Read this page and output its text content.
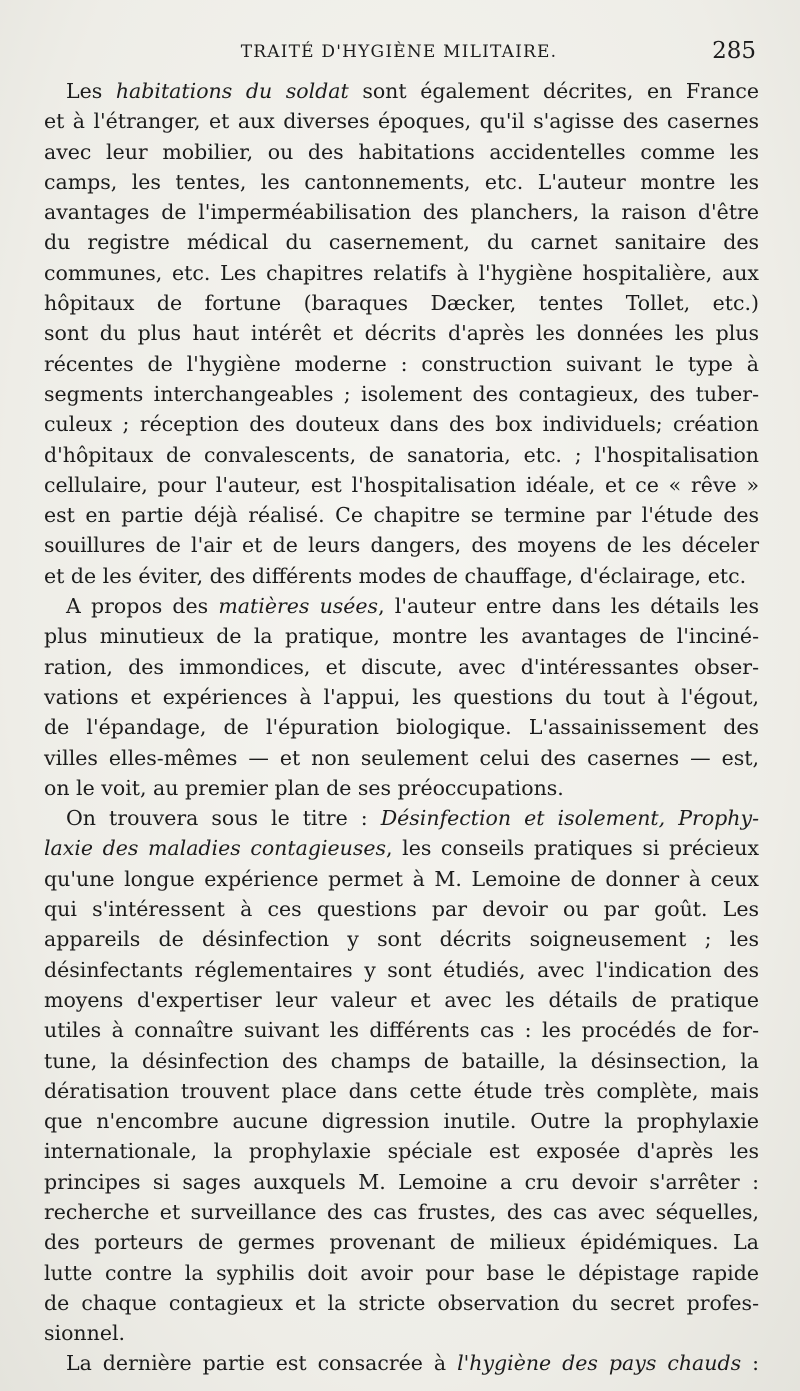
TRAITÉ D'HYGIÈNE MILITAIRE.	285
Les habitations du soldat sont également décrites, en France
et à l'étranger, et aux diverses époques, qu'il s'agisse des casernes
avec leur mobilier, ou des habitations accidentelles comme les
camps, les tentes, les cantonnements, etc. L'auteur montre les
avantages de l'imperméabilisation des planchers, la raison d'être
du registre médical du casernement, du carnet sanitaire des
communes, etc. Les chapitres relatifs à l'hygiène hospitalière, aux
hôpitaux de fortune (baraques Dæcker, tentes Tollet, etc.)
sont du plus haut intérêt et décrits d'après les données les plus
récentes de l'hygiène moderne : construction suivant le type à
segments interchangeables ; isolement des contagieux, des tuber-
culeux ; réception des douteux dans des box individuels; création
d'hôpitaux de convalescents, de sanatoria, etc. ; l'hospitalisation
cellulaire, pour l'auteur, est l'hospitalisation idéale, et ce « rêve »
est en partie déjà réalisé. Ce chapitre se termine par l'étude des
souillures de l'air et de leurs dangers, des moyens de les déceler
et de les éviter, des différents modes de chauffage, d'éclairage, etc.
A propos des matières usées, l'auteur entre dans les détails les
plus minutieux de la pratique, montre les avantages de l'inciné-
ration, des immondices, et discute, avec d'intéressantes obser-
vations et expériences à l'appui, les questions du tout à l'égout,
de l'épandage, de l'épuration biologique. L'assainissement des
villes elles-mêmes — et non seulement celui des casernes — est,
on le voit, au premier plan de ses préoccupations.
On trouvera sous le titre : Désinfection et isolement, Prophy-
laxie des maladies contagieuses, les conseils pratiques si précieux
qu'une longue expérience permet à M. Lemoine de donner à ceux
qui s'intéressent à ces questions par devoir ou par goût. Les
appareils de désinfection y sont décrits soigneusement ; les
désinfectants réglementaires y sont étudiés, avec l'indication des
moyens d'expertiser leur valeur et avec les détails de pratique
utiles à connaître suivant les différents cas : les procédés de for-
tune, la désinfection des champs de bataille, la désinsection, la
dératisation trouvent place dans cette étude très complète, mais
que n'encombre aucune digression inutile. Outre la prophylaxie
internationale, la prophylaxie spéciale est exposée d'après les
principes si sages auxquels M. Lemoine a cru devoir s'arrêter :
recherche et surveillance des cas frustes, des cas avec séquelles,
des porteurs de germes provenant de milieux épidémiques. La
lutte contre la syphilis doit avoir pour base le dépistage rapide
de chaque contagieux et la stricte observation du secret profes-
sionnel.
La dernière partie est consacrée à l'hygiène des pays chauds :
